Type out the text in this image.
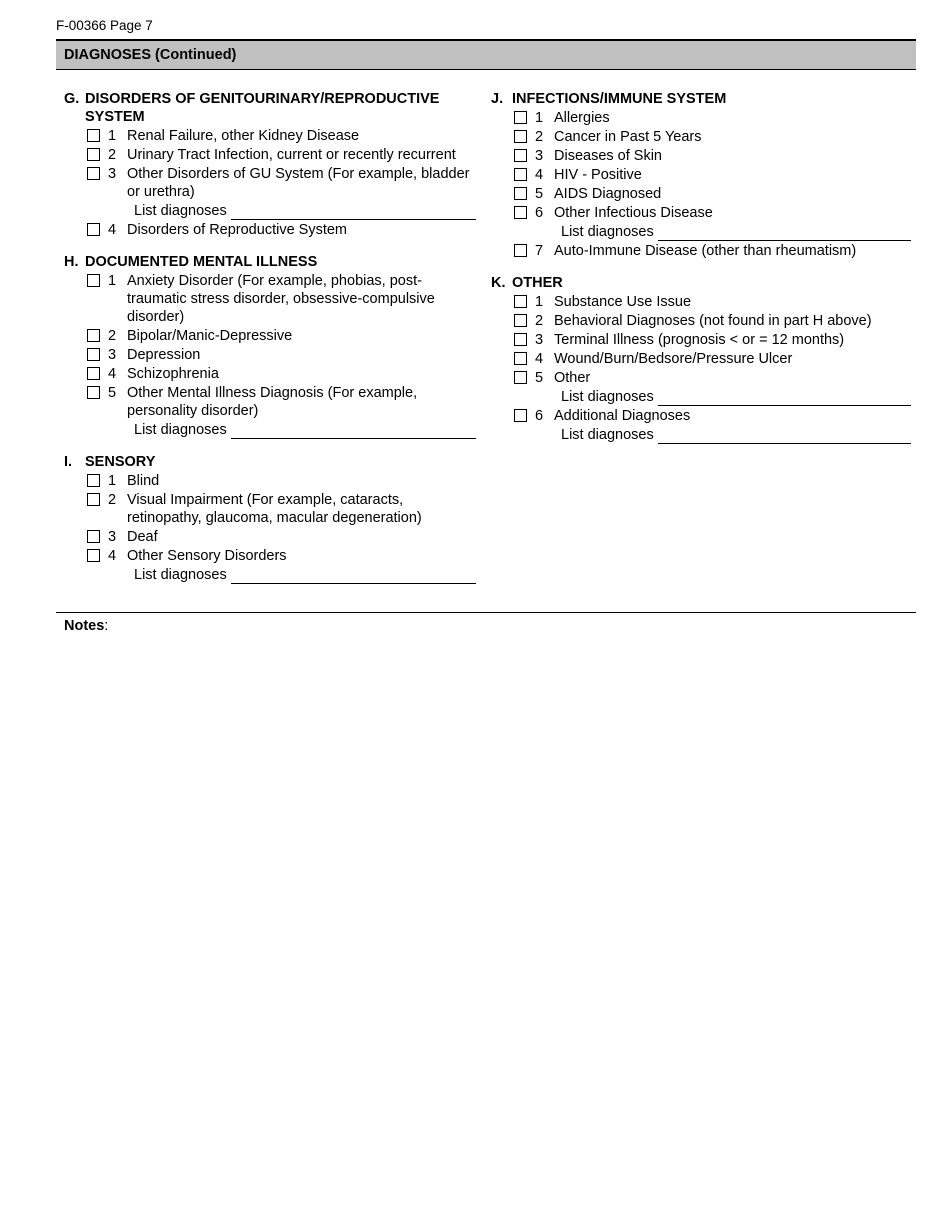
F-00366 Page 7
DIAGNOSES (Continued)
G. DISORDERS OF GENITOURINARY/REPRODUCTIVE SYSTEM
1 Renal Failure, other Kidney Disease
2 Urinary Tract Infection, current or recently recurrent
3 Other Disorders of GU System (For example, bladder or urethra)
List diagnoses
4 Disorders of Reproductive System
H. DOCUMENTED MENTAL ILLNESS
1 Anxiety Disorder (For example, phobias, post-traumatic stress disorder, obsessive-compulsive disorder)
2 Bipolar/Manic-Depressive
3 Depression
4 Schizophrenia
5 Other Mental Illness Diagnosis (For example, personality disorder)
List diagnoses
I. SENSORY
1 Blind
2 Visual Impairment (For example, cataracts, retinopathy, glaucoma, macular degeneration)
3 Deaf
4 Other Sensory Disorders
List diagnoses
J. INFECTIONS/IMMUNE SYSTEM
1 Allergies
2 Cancer in Past 5 Years
3 Diseases of Skin
4 HIV - Positive
5 AIDS Diagnosed
6 Other Infectious Disease
List diagnoses
7 Auto-Immune Disease (other than rheumatism)
K. OTHER
1 Substance Use Issue
2 Behavioral Diagnoses (not found in part H above)
3 Terminal Illness (prognosis < or = 12 months)
4 Wound/Burn/Bedsore/Pressure Ulcer
5 Other
List diagnoses
6 Additional Diagnoses
List diagnoses
Notes:
